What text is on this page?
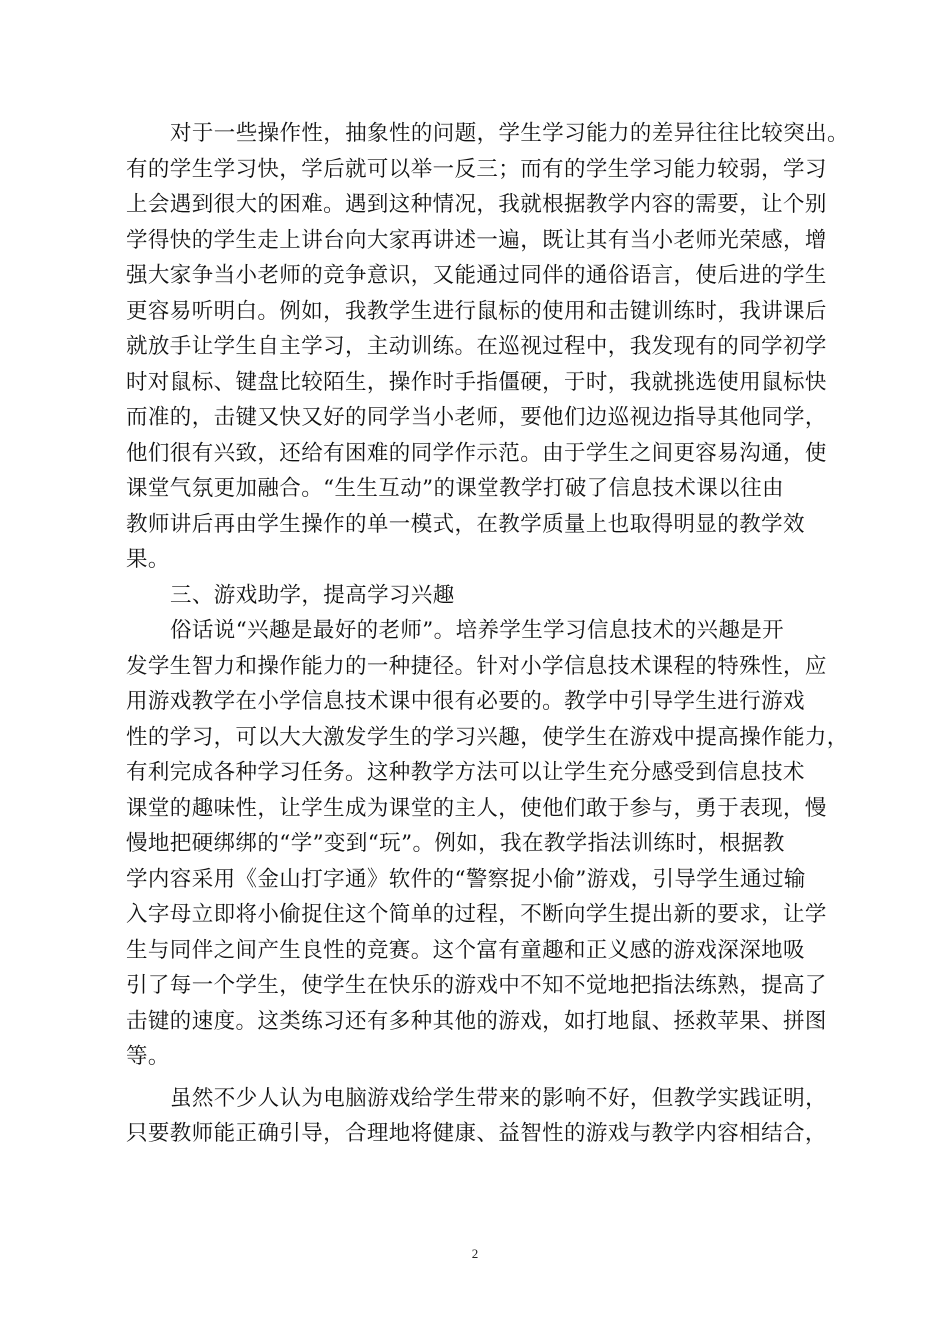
对于一些操作性，抽象性的问题，学生学习能力的差异往往比较突出。
有的学生学习快，学后就可以举一反三；而有的学生学习能力较弱，学习
上会遇到很大的困难。遇到这种情况，我就根据教学内容的需要，让个别
学得快的学生走上讲台向大家再讲述一遍，既让其有当小老师光荣感，增
强大家争当小老师的竞争意识，又能通过同伴的通俗语言，使后进的学生
更容易听明白。例如，我教学生进行鼠标的使用和击键训练时，我讲课后
就放手让学生自主学习，主动训练。在巡视过程中，我发现有的同学初学
时对鼠标、键盘比较陌生，操作时手指僵硬，于时，我就挑选使用鼠标快
而准的，击键又快又好的同学当小老师，要他们边巡视边指导其他同学，
他们很有兴致，还给有困难的同学作示范。由于学生之间更容易沟通，使
课堂气氛更加融合。“生生互动”的课堂教学打破了信息技术课以往由
教师讲后再由学生操作的单一模式，在教学质量上也取得明显的教学效
果。
三、游戏助学，提高学习兴趣
俗话说“兴趣是最好的老师”。培养学生学习信息技术的兴趣是开
发学生智力和操作能力的一种捷径。针对小学信息技术课程的特殊性，应
用游戏教学在小学信息技术课中很有必要的。教学中引导学生进行游戏
性的学习，可以大大激发学生的学习兴趣，使学生在游戏中提高操作能力，
有利完成各种学习任务。这种教学方法可以让学生充分感受到信息技术
课堂的趣味性，让学生成为课堂的主人，使他们敢于参与，勇于表现，慢
慢地把硬绑绑的“学”变到“玩”。例如，我在教学指法训练时，根据教
学内容采用《金山打字通》软件的“警察捉小偷”游戏，引导学生通过输
入字母立即将小偷捉住这个简单的过程，不断向学生提出新的要求，让学
生与同伴之间产生良性的竞赛。这个富有童趣和正义感的游戏深深地吸
引了每一个学生，使学生在快乐的游戏中不知不觉地把指法练熟，提高了
击键的速度。这类练习还有多种其他的游戏，如打地鼠、拯救苹果、拼图
等。
虽然不少人认为电脑游戏给学生带来的影响不好，但教学实践证明，
只要教师能正确引导，合理地将健康、益智性的游戏与教学内容相结合，
2
